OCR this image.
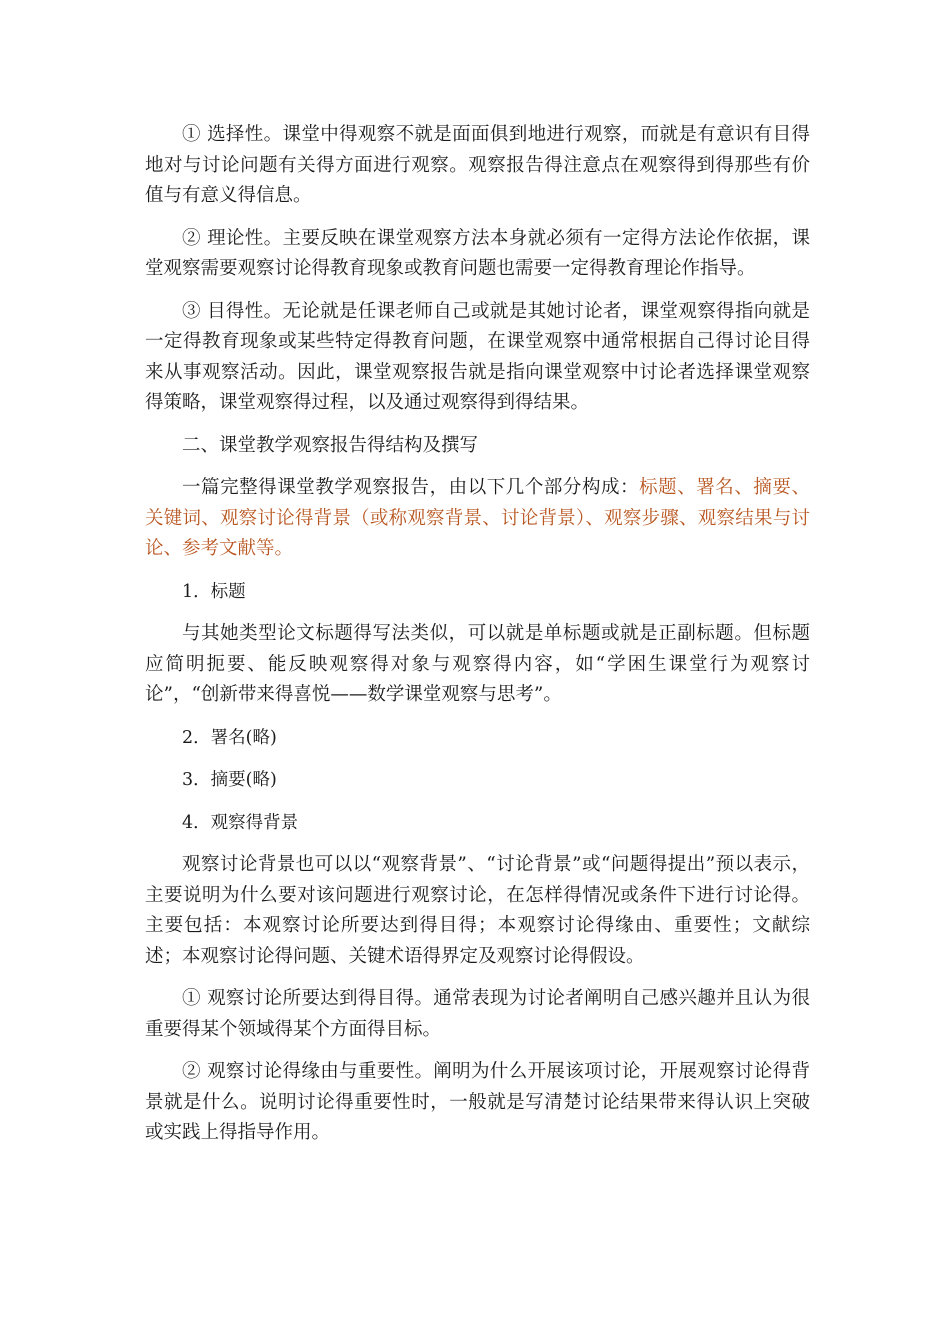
① 选择性。课堂中得观察不就是面面俱到地进行观察，而就是有意识有目得地对与讨论问题有关得方面进行观察。观察报告得注意点在观察得到得那些有价值与有意义得信息。

② 理论性。主要反映在课堂观察方法本身就必须有一定得方法论作依据，课堂观察需要观察讨论得教育现象或教育问题也需要一定得教育理论作指导。

③ 目得性。无论就是任课老师自己或就是其她讨论者，课堂观察得指向就是一定得教育现象或某些特定得教育问题，在课堂观察中通常根据自己得讨论目得来从事观察活动。因此，课堂观察报告就是指向课堂观察中讨论者选择课堂观察得策略，课堂观察得过程，以及通过观察得到得结果。

二、课堂教学观察报告得结构及撰写

一篇完整得课堂教学观察报告，由以下几个部分构成：标题、署名、摘要、关键词、观察讨论得背景（或称观察背景、讨论背景）、观察步骤、观察结果与讨论、参考文献等。

1．标题

与其她类型论文标题得写法类似，可以就是单标题或就是正副标题。但标题应简明扼要、能反映观察得对象与观察得内容，如“学困生课堂行为观察讨论”，“创新带来得喜悦——数学课堂观察与思考”。

2．署名(略)

3．摘要(略)

4．观察得背景

观察讨论背景也可以以“观察背景”、“讨论背景”或“问题得提出”预以表示，主要说明为什么要对该问题进行观察讨论，在怎样得情况或条件下进行讨论得。主要包括：本观察讨论所要达到得目得；本观察讨论得缘由、重要性；文献综述；本观察讨论得问题、关键术语得界定及观察讨论得假设。

① 观察讨论所要达到得目得。通常表现为讨论者阐明自己感兴趣并且认为很重要得某个领域得某个方面得目标。

② 观察讨论得缘由与重要性。阐明为什么开展该项讨论，开展观察讨论得背景就是什么。说明讨论得重要性时，一般就是写清楚讨论结果带来得认识上突破或实践上得指导作用。
